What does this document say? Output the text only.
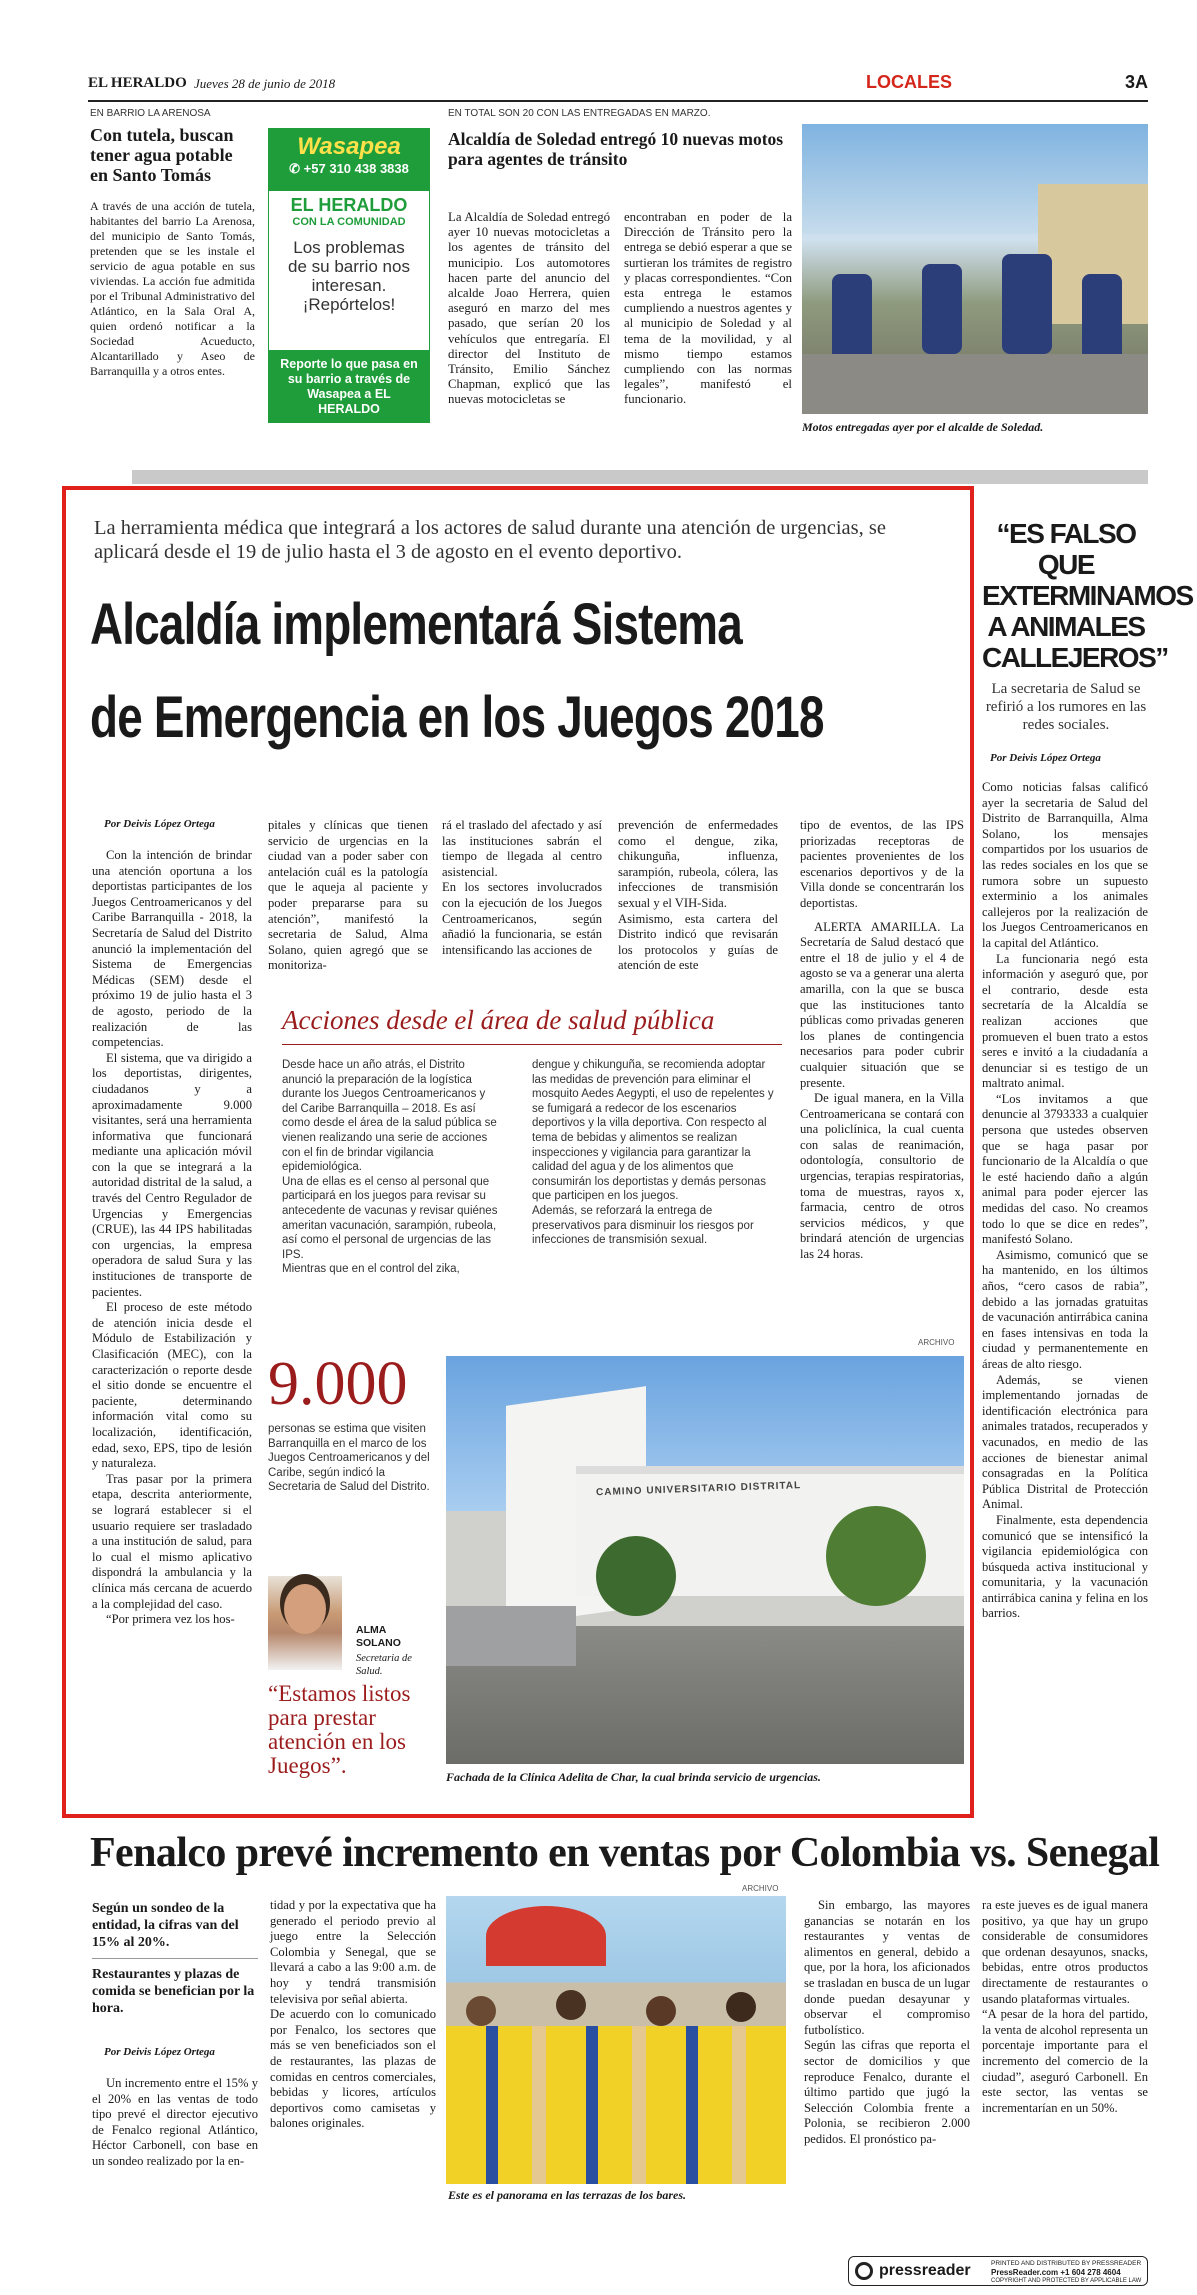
EL HERALDO Jueves 28 de junio de 2018	LOCALES	3A
EN BARRIO LA ARENOSA
Con tutela, buscan tener agua potable en Santo Tomás
A través de una acción de tutela, habitantes del barrio La Arenosa, del municipio de Santo Tomás, pretenden que se les instale el servicio de agua potable en sus viviendas. La acción fue admitida por el Tribunal Administrativo del Atlántico, en la Sala Oral A, quien ordenó notificar a la Sociedad Acueducto, Alcantarillado y Aseo de Barranquilla y a otros entes.
Wasapea
✆ +57 310 438 3838
EL HERALDO
CON LA COMUNIDAD
Los problemas de su barrio nos interesan. ¡Repórtelos!
Reporte lo que pasa en su barrio a través de Wasapea a EL HERALDO
EN TOTAL SON 20 CON LAS ENTREGADAS EN MARZO.
Alcaldía de Soledad entregó 10 nuevas motos para agentes de tránsito
La Alcaldía de Soledad entregó ayer 10 nuevas motocicletas a los agentes de tránsito del municipio. Los automotores hacen parte del anuncio del alcalde Joao Herrera, quien aseguró en marzo del mes pasado, que serían 20 los vehículos que entregaría. El director del Instituto de Tránsito, Emilio Sánchez Chapman, explicó que las nuevas motocicletas se
encontraban en poder de la Dirección de Tránsito pero la entrega se debió esperar a que se surtieran los trámites de registro y placas correspondientes. “Con esta entrega le estamos cumpliendo a nuestros agentes y al municipio de Soledad y al tema de la movilidad, y al mismo tiempo estamos cumpliendo con las normas legales”, manifestó el funcionario.
Motos entregadas ayer por el alcalde de Soledad.
La herramienta médica que integrará a los actores de salud durante una atención de urgencias, se aplicará desde el 19 de julio hasta el 3 de agosto en el evento deportivo.
Alcaldía implementará Sistema
de Emergencia en los Juegos 2018
Por Deivis López Ortega

Con la intención de brindar una atención oportuna a los deportistas participantes de los Juegos Centroamericanos y del Caribe Barranquilla - 2018, la Secretaría de Salud del Distrito anunció la implementación del Sistema de Emergencias Médicas (SEM) desde el próximo 19 de julio hasta el 3 de agosto, periodo de la realización de las competencias.

El sistema, que va dirigido a los deportistas, dirigentes, ciudadanos y a aproximadamente 9.000 visitantes, será una herramienta informativa que funcionará mediante una aplicación móvil con la que se integrará a la autoridad distrital de la salud, a través del Centro Regulador de Urgencias y Emergencias (CRUE), las 44 IPS habilitadas con urgencias, la empresa operadora de salud Sura y las instituciones de transporte de pacientes.

El proceso de este método de atención inicia desde el Módulo de Estabilización y Clasificación (MEC), con la caracterización o reporte desde el sitio donde se encuentre el paciente, determinando información vital como su localización, identificación, edad, sexo, EPS, tipo de lesión y naturaleza.

Tras pasar por la primera etapa, descrita anteriormente, se logrará establecer si el usuario requiere ser trasladado a una institución de salud, para lo cual el mismo aplicativo dispondrá la ambulancia y la clínica más cercana de acuerdo a la complejidad del caso.

“Por primera vez los hos-

pitales y clínicas que tienen servicio de urgencias en la ciudad van a poder saber con antelación cuál es la patología que le aqueja al paciente y poder prepararse para su atención”, manifestó la secretaria de Salud, Alma Solano, quien agregó que se monitoriza-
rá el traslado del afectado y así las instituciones sabrán el tiempo de llegada al centro asistencial.
En los sectores involucrados con la ejecución de los Juegos Centroamericanos, según añadió la funcionaria, se están intensificando las acciones de
prevención de enfermedades como el dengue, zika, chikunguña, influenza, sarampión, rubeola, cólera, las infecciones de transmisión sexual y el VIH-Sida.
Asimismo, esta cartera del Distrito indicó que revisarán los protocolos y guías de atención de este

tipo de eventos, de las IPS priorizadas receptoras de pacientes provenientes de los escenarios deportivos y de la Villa donde se concentrarán los deportistas.

ALERTA AMARILLA. La Secretaría de Salud destacó que entre el 18 de julio y el 4 de agosto se va a generar una alerta amarilla, con la que se busca que las instituciones tanto públicas como privadas generen los planes de contingencia necesarios para poder cubrir cualquier situación que se presente.

De igual manera, en la Villa Centroamericana se contará con una policlínica, la cual cuenta con salas de reanimación, odontología, consultorio de urgencias, terapias respiratorias, toma de muestras, rayos x, farmacia, centro de otros servicios médicos, y que brindará atención de urgencias las 24 horas.

Acciones desde el área de salud pública
Desde hace un año atrás, el Distrito anunció la preparación de la logística durante los Juegos Centroamericanos y del Caribe Barranquilla – 2018. Es así como desde el área de la salud pública se vienen realizando una serie de acciones con el fin de brindar vigilancia epidemiológica.
Una de ellas es el censo al personal que participará en los juegos para revisar su antecedente de vacunas y revisar quiénes ameritan vacunación, sarampión, rubeola, así como el personal de urgencias de las IPS.
Mientras que en el control del zika,
dengue y chikunguña, se recomienda adoptar las medidas de prevención para eliminar el mosquito Aedes Aegypti, el uso de repelentes y se fumigará a redecor de los escenarios deportivos y la villa deportiva. Con respecto al tema de bebidas y alimentos se realizan inspecciones y vigilancia para garantizar la calidad del agua y de los alimentos que consumirán los deportistas y demás personas que participen en los juegos.
Además, se reforzará la entrega de preservativos para disminuir los riesgos por infecciones de transmisión sexual.
ARCHIVO
9.000
personas se estima que visiten Barranquilla en el marco de los Juegos Centroamericanos y del Caribe, según indicó la Secretaria de Salud del Distrito.
ALMA SOLANO
Secretaria de Salud.
“Estamos listos para prestar atención en los Juegos”.
CAMINO UNIVERSITARIO DISTRITAL
Fachada de la Clínica Adelita de Char, la cual brinda servicio de urgencias.
“ES FALSO QUE EXTERMINAMOS A ANIMALES CALLEJEROS”
La secretaria de Salud se refirió a los rumores en las redes sociales.
Por Deivis López Ortega

Como noticias falsas calificó ayer la secretaria de Salud del Distrito de Barranquilla, Alma Solano, los mensajes compartidos por los usuarios de las redes sociales en los que se rumora sobre un supuesto exterminio a los animales callejeros por la realización de los Juegos Centroamericanos en la capital del Atlántico.

La funcionaria negó esta información y aseguró que, por el contrario, desde esta secretaría de la Alcaldía se realizan acciones que promueven el buen trato a estos seres e invitó a la ciudadanía a denunciar si es testigo de un maltrato animal.

“Los invitamos a que denuncie al 3793333 a cualquier persona que ustedes observen que se haga pasar por funcionario de la Alcaldía o que le esté haciendo daño a algún animal para poder ejercer las medidas del caso. No creamos todo lo que se dice en redes”, manifestó Solano.

Asimismo, comunicó que se ha mantenido, en los últimos años, “cero casos de rabia”, debido a las jornadas gratuitas de vacunación antirrábica canina en fases intensivas en toda la ciudad y permanentemente en áreas de alto riesgo.

Además, se vienen implementando jornadas de identificación electrónica para animales tratados, recuperados y vacunados, en medio de las acciones de bienestar animal consagradas en la Política Pública Distrital de Protección Animal.

Finalmente, esta dependencia comunicó que se intensificó la vigilancia epidemiológica con búsqueda activa institucional y comunitaria, y la vacunación antirrábica canina y felina en los barrios.

Fenalco prevé incremento en ventas por Colombia vs. Senegal
Según un sondeo de la entidad, la cifras van del 15% al 20%.
Restaurantes y plazas de comida se benefician por la hora.
Por Deivis López Ortega
Un incremento entre el 15% y el 20% en las ventas de todo tipo prevé el director ejecutivo de Fenalco regional Atlántico, Héctor Carbonell, con base en un sondeo realizado por la en-
tidad y por la expectativa que ha generado el periodo previo al juego entre la Selección Colombia y Senegal, que se llevará a cabo a las 9:00 a.m. de hoy y tendrá transmisión televisiva por señal abierta.
De acuerdo con lo comunicado por Fenalco, los sectores que más se ven beneficiados son el de restaurantes, las plazas de comidas en centros comerciales, bebidas y licores, artículos deportivos como camisetas y balones originales.
ARCHIVO
Este es el panorama en las terrazas de los bares.
Sin embargo, las mayores ganancias se notarán en los restaurantes y ventas de alimentos en general, debido a que, por la hora, los aficionados se trasladan en busca de un lugar donde puedan desayunar y observar el compromiso futbolístico.
Según las cifras que reporta el sector de domicilios y que reproduce Fenalco, durante el último partido que jugó la Selección Colombia frente a Polonia, se recibieron 2.000 pedidos. El pronóstico pa-
ra este jueves es de igual manera positivo, ya que hay un grupo considerable de consumidores que ordenan desayunos, snacks, bebidas, entre otros productos directamente de restaurantes o usando plataformas virtuales.
“A pesar de la hora del partido, la venta de alcohol representa un porcentaje importante para el incremento del comercio de la ciudad”, aseguró Carbonell. En este sector, las ventas se incrementarían en un 50%.
pressreader	PRINTED AND DISTRIBUTED BY PRESSREADER
PressReader.com +1 604 278 4604
COPYRIGHT AND PROTECTED BY APPLICABLE LAW
